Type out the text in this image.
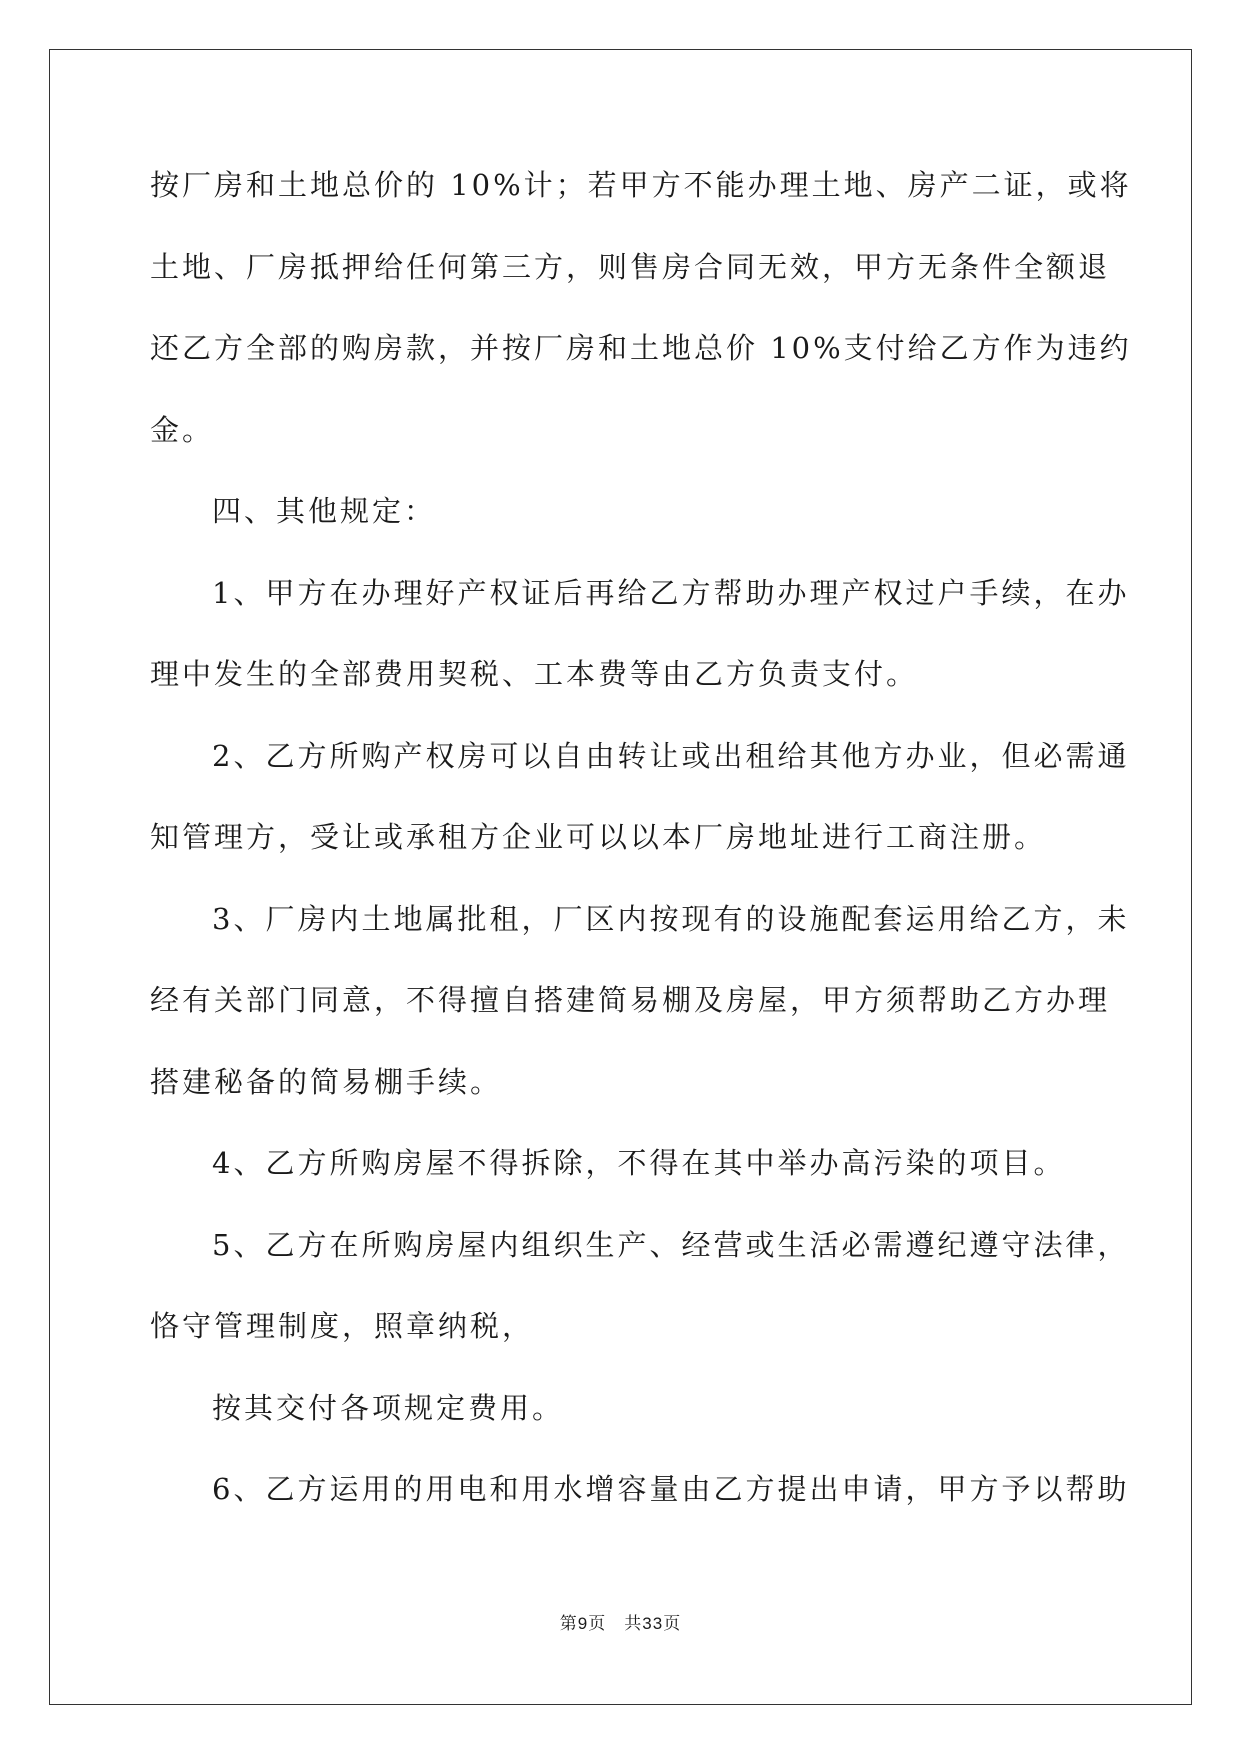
按厂房和土地总价的 10%计；若甲方不能办理土地、房产二证，或将
土地、厂房抵押给任何第三方，则售房合同无效，甲方无条件全额退
还乙方全部的购房款，并按厂房和土地总价 10%支付给乙方作为违约
金。
四、其他规定：
1、甲方在办理好产权证后再给乙方帮助办理产权过户手续，在办
理中发生的全部费用契税、工本费等由乙方负责支付。
2、乙方所购产权房可以自由转让或出租给其他方办业，但必需通
知管理方，受让或承租方企业可以以本厂房地址进行工商注册。
3、厂房内土地属批租，厂区内按现有的设施配套运用给乙方，未
经有关部门同意，不得擅自搭建简易棚及房屋，甲方须帮助乙方办理
搭建秘备的简易棚手续。
4、乙方所购房屋不得拆除，不得在其中举办高污染的项目。
5、乙方在所购房屋内组织生产、经营或生活必需遵纪遵守法律，
恪守管理制度，照章纳税，
按其交付各项规定费用。
6、乙方运用的用电和用水增容量由乙方提出申请，甲方予以帮助
第9页 共33页
